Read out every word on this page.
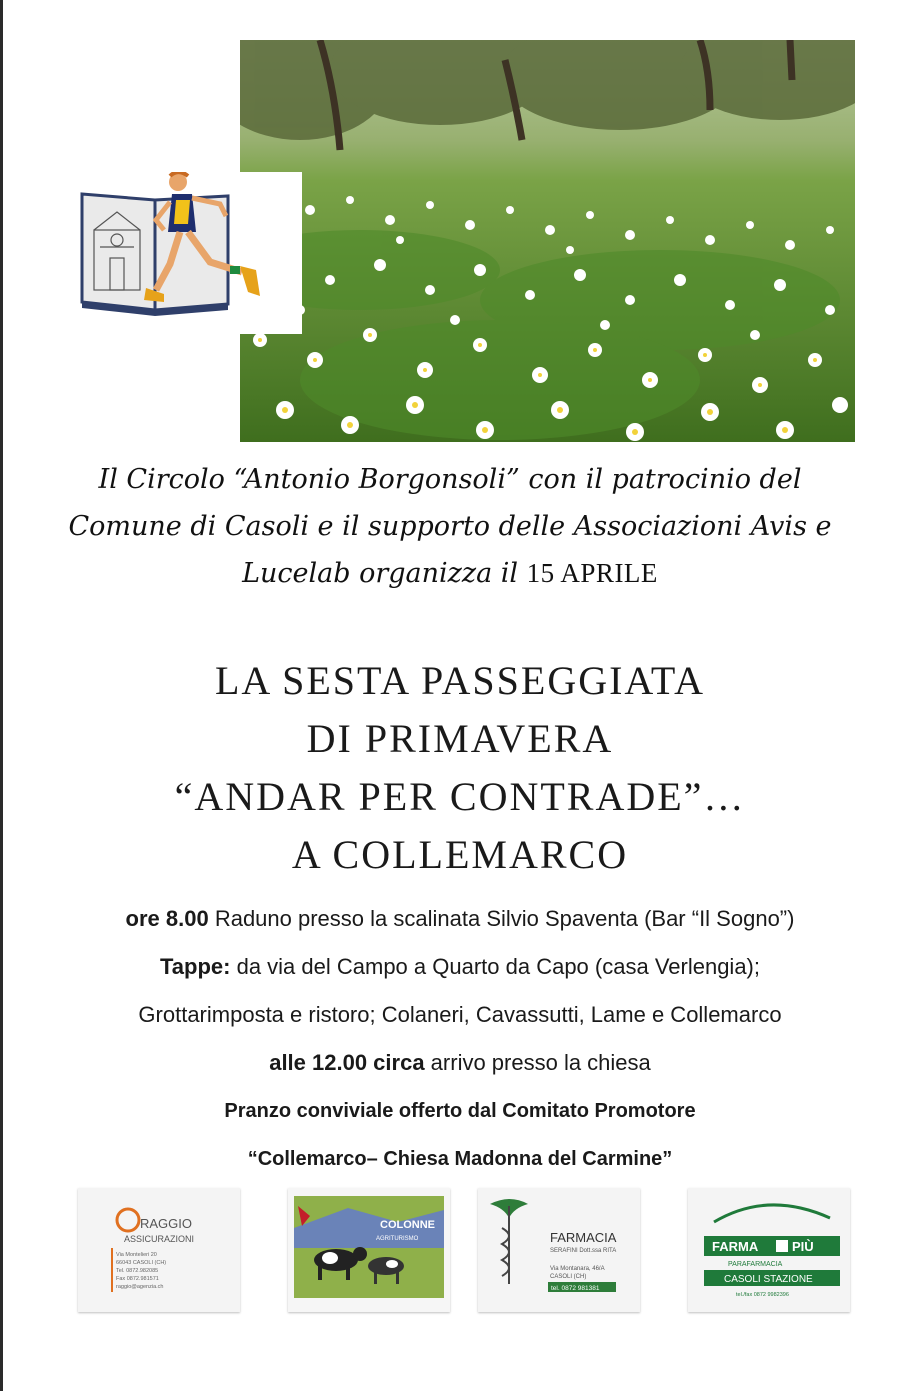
Il Circolo “Antonio Borgonsoli” con il patrocinio del
Comune di Casoli e il supporto delle Associazioni Avis e
Lucelab organizza il 15 APRILE
LA SESTA PASSEGGIATA
DI PRIMAVERA
“ANDAR PER CONTRADE”…
A COLLEMARCO
ore 8.00 Raduno presso la scalinata Silvio Spaventa (Bar “Il Sogno”)
Tappe: da via del Campo a Quarto da Capo (casa Verlengia);
Grottarimposta e ristoro; Colaneri, Cavassutti, Lame e Collemarco
alle 12.00 circa arrivo presso la chiesa
Pranzo conviviale offerto dal Comitato Promotore
“Collemarco– Chiesa Madonna del Carmine”
RAGGIO
ASSICURAZIONI
Via Montelieri 20
66043 CASOLI (CH)
Tel. 0872.982085
Fax 0872.981571
raggio@agenzia.ch
COLONNE
AGRITURISMO	FARMACIA
SERAFINI Dott.ssa RITA
Via Montanara, 46/A
CASOLI (CH)
tel. 0872 981381
FARMA	PIÙ
PARAFARMACIA
CASOLI STAZIONE
tel./fax 0872 9982396
